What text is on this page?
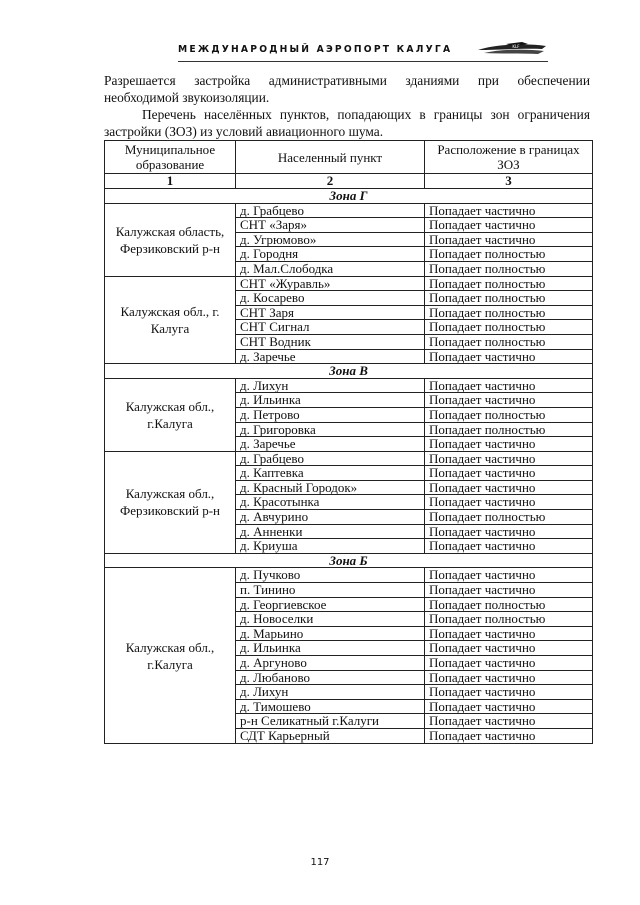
МЕЖДУНАРОДНЫЙ АЭРОПОРТ КАЛУГА	KLF
Разрешается застройка административными зданиями при обеспечении
необходимой звукоизоляции.
Перечень населённых пунктов, попадающих в границы зон ограничения
застройки (ЗОЗ) из условий авиационного шума.
Муниципальное образование	Населенный пункт	Расположение в границах ЗОЗ
1	2	3
Зона Г		
Калужская область, Ферзиковский р-н	д. Грабцево	Попадает частично
	СНТ «Заря»	Попадает частично
	д. Угрюмово»	Попадает частично
	д. Городня	Попадает полностью
	д. Мал.Слободка	Попадает полностью
Калужская обл., г. Калуга	СНТ «Журавль»	Попадает полностью
	д. Косарево	Попадает полностью
	СНТ Заря	Попадает полностью
	СНТ Сигнал	Попадает полностью
	СНТ Водник	Попадает полностью
	д. Заречье	Попадает частично
Зона В		
Калужская обл., г.Калуга	д. Лихун	Попадает частично
	д. Ильинка	Попадает частично
	д. Петрово	Попадает полностью
	д. Григоровка	Попадает полностью
	д. Заречье	Попадает частично
Калужская обл., Ферзиковский р-н	д. Грабцево	Попадает частично
	д. Каптевка	Попадает частично
	д. Красный Городок»	Попадает частично
	д. Красотынка	Попадает частично
	д. Авчурино	Попадает полностью
	д. Анненки	Попадает частично
	д. Криуша	Попадает частично
Зона Б		
Калужская обл., г.Калуга	д. Пучково	Попадает частично
	п. Тинино	Попадает частично
	д. Георгиевское	Попадает полностью
	д. Новоселки	Попадает полностью
	д. Марьино	Попадает частично
	д. Ильинка	Попадает частично
	д. Аргуново	Попадает частично
	д. Любаново	Попадает частично
	д. Лихун	Попадает частично
	д. Тимошево	Попадает частично
	р-н Селикатный г.Калуги	Попадает частично
	СДТ Карьерный	Попадает частично
117
